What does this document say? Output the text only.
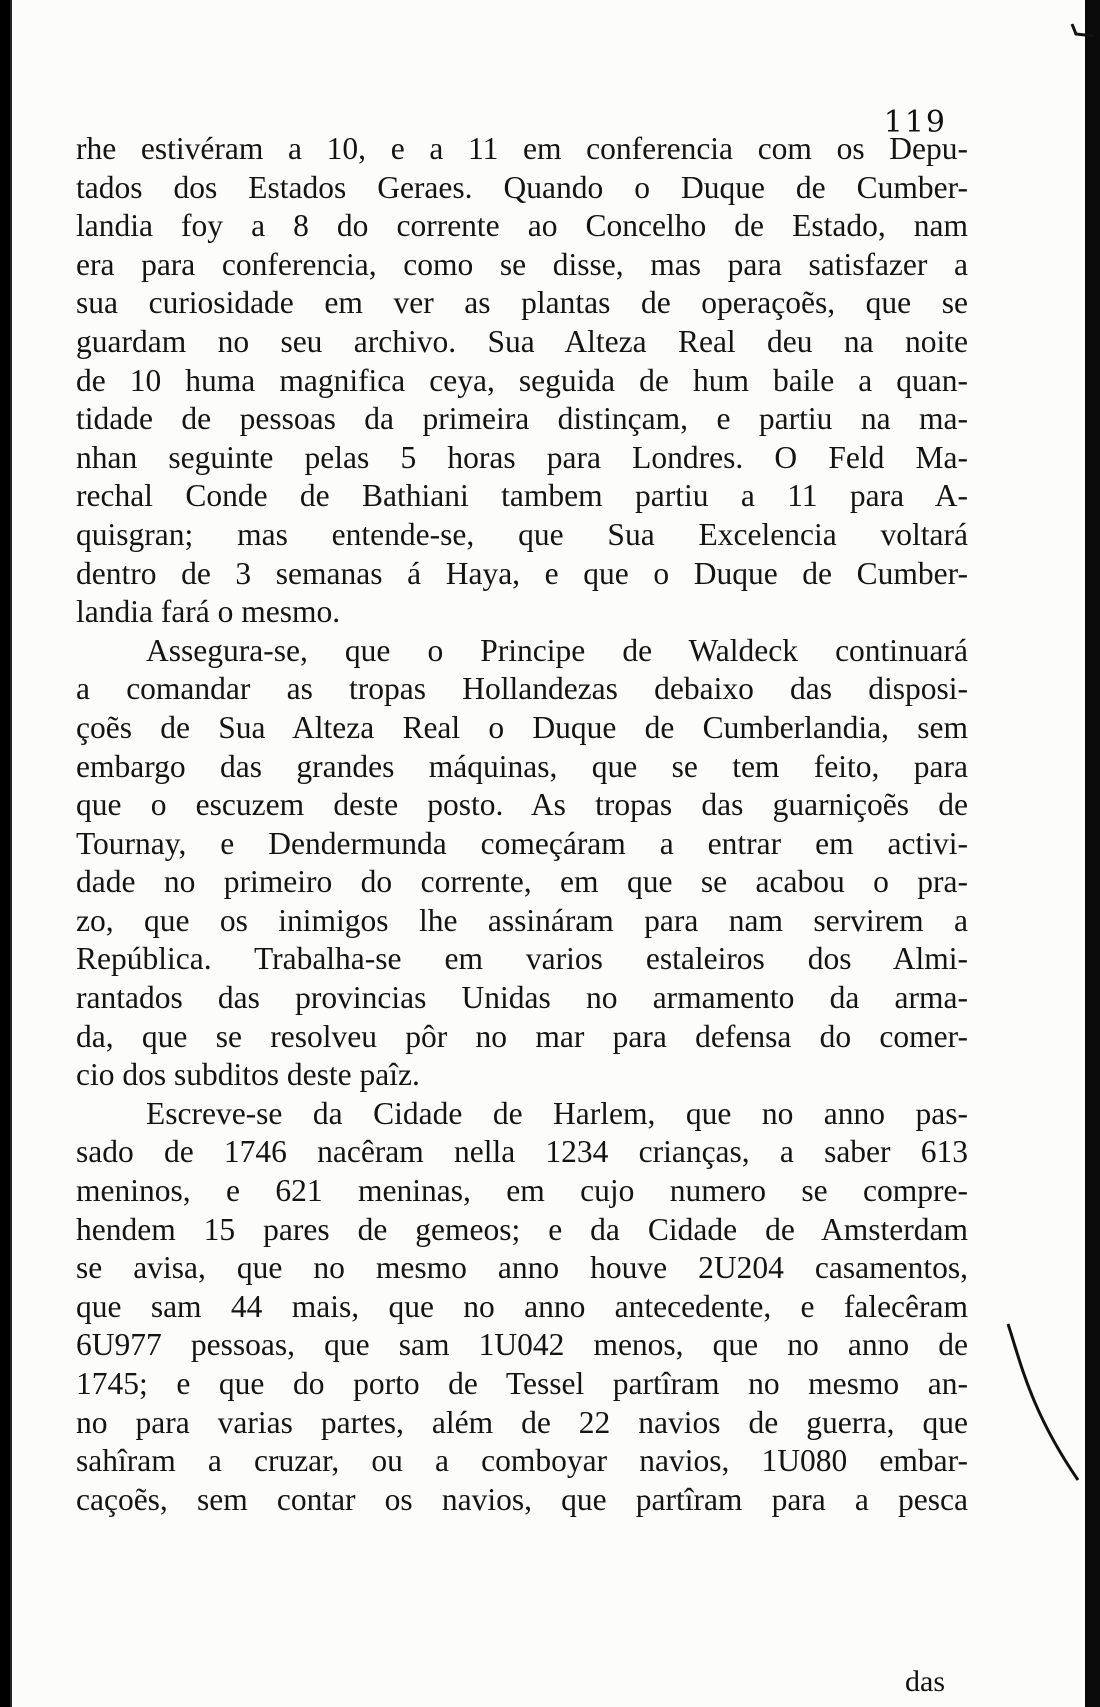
119
rhe estivéram a 10, e a 11 em conferencia com os Depu-
tados dos Estados Geraes. Quando o Duque de Cumber-
landia foy a 8 do corrente ao Concelho de Estado, nam
era para conferencia, como se disse, mas para satisfazer a
sua curiosidade em ver as plantas de operaçoẽs, que se
guardam no seu archivo. Sua Alteza Real deu na noite
de 10 huma magnifica ceya, seguida de hum baile a quan-
tidade de pessoas da primeira distinçam, e partiu na ma-
nhan seguinte pelas 5 horas para Londres. O Feld Ma-
rechal Conde de Bathiani tambem partiu a 11 para A-
quisgran; mas entende-se, que Sua Excelencia voltará
dentro de 3 semanas á Haya, e que o Duque de Cumber-
landia fará o mesmo.
Assegura-se, que o Principe de Waldeck continuará
a comandar as tropas Hollandezas debaixo das disposi-
çoẽs de Sua Alteza Real o Duque de Cumberlandia, sem
embargo das grandes máquinas, que se tem feito, para
que o escuzem deste posto. As tropas das guarniçoẽs de
Tournay, e Dendermunda começáram a entrar em activi-
dade no primeiro do corrente, em que se acabou o pra-
zo, que os inimigos lhe assináram para nam servirem a
República. Trabalha-se em varios estaleiros dos Almi-
rantados das provincias Unidas no armamento da arma-
da, que se resolveu pôr no mar para defensa do comer-
cio dos subditos deste paîz.
Escreve-se da Cidade de Harlem, que no anno pas-
sado de 1746 nacêram nella 1234 crianças, a saber 613
meninos, e 621 meninas, em cujo numero se compre-
hendem 15 pares de gemeos; e da Cidade de Amsterdam
se avisa, que no mesmo anno houve 2U204 casamentos,
que sam 44 mais, que no anno antecedente, e falecêram
6U977 pessoas, que sam 1U042 menos, que no anno de
1745; e que do porto de Tessel partîram no mesmo an-
no para varias partes, além de 22 navios de guerra, que
sahîram a cruzar, ou a comboyar navios, 1U080 embar-
caçoẽs, sem contar os navios, que partîram para a pesca
das
